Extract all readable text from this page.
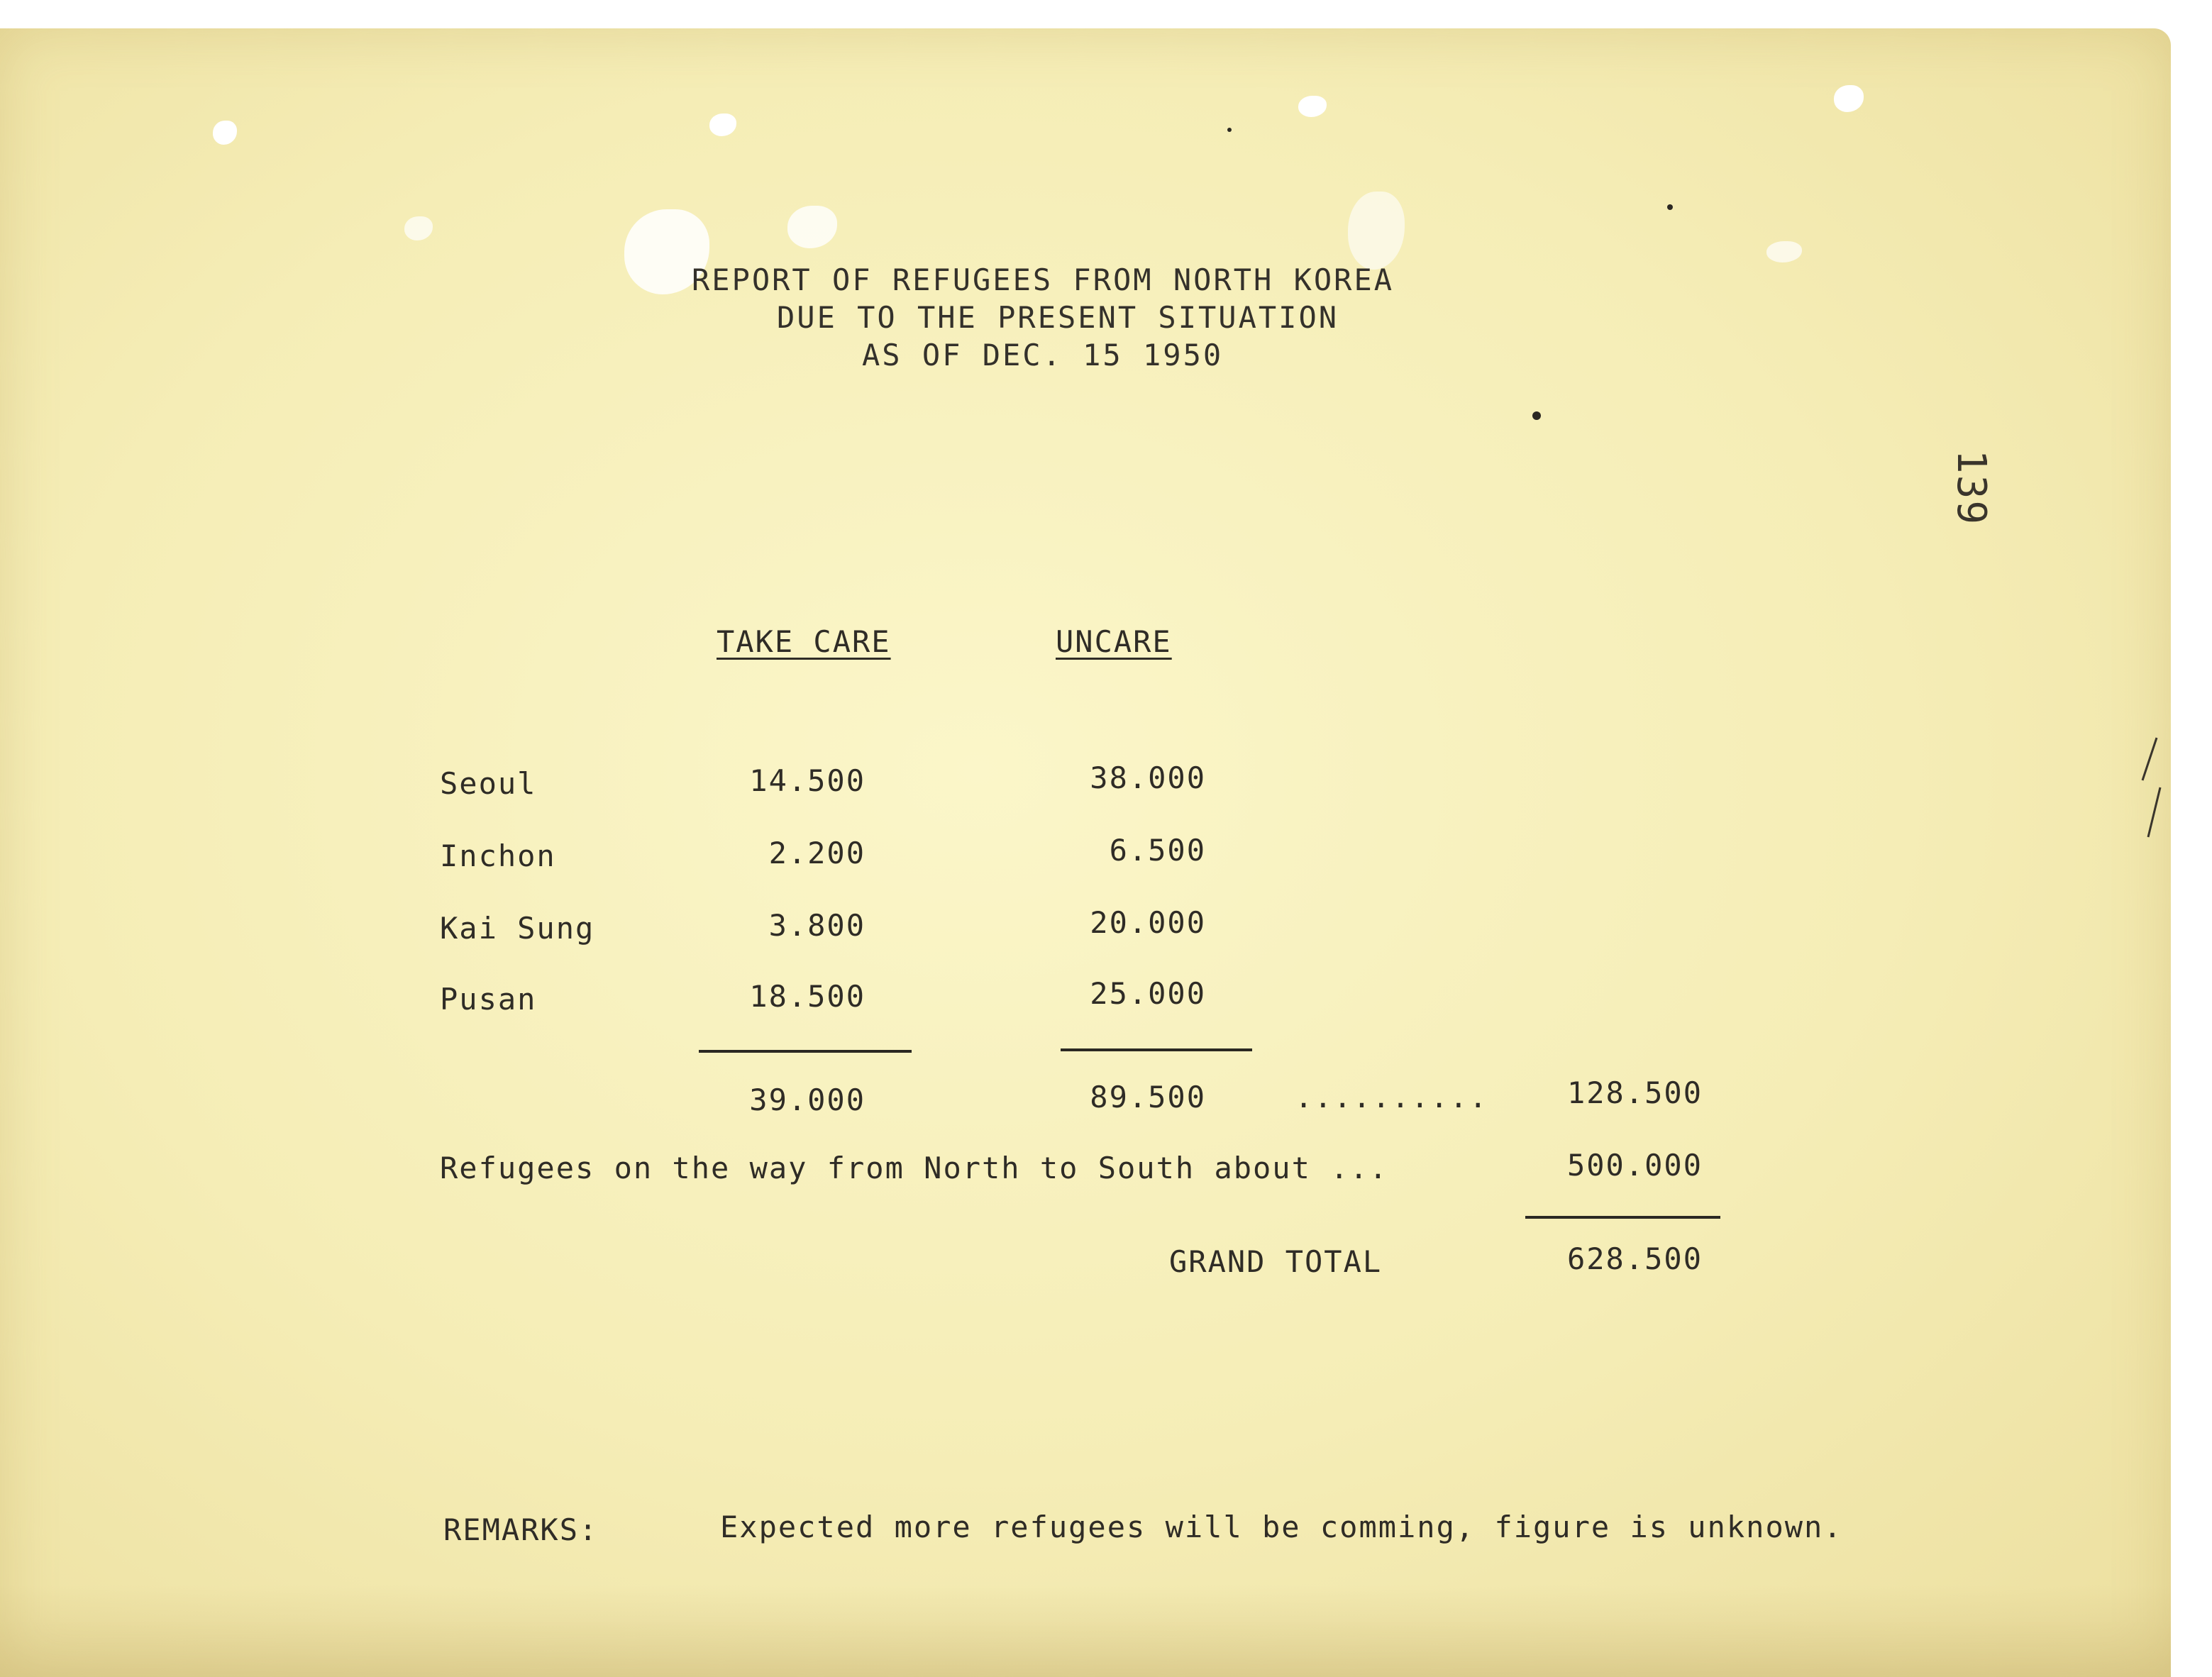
REPORT OF REFUGEES FROM NORTH KOREA
DUE TO THE PRESENT SITUATION
AS OF DEC. 15 1950
139
TAKE CARE	UNCARE
Seoul	14.500	38.000
Inchon	2.200	6.500
Kai Sung	3.800	20.000
Pusan	18.500	25.000
39.000	89.500	..........	128.500
Refugees on the way from North to South about ...	500.000
GRAND TOTAL	628.500
REMARKS:	Expected more refugees will be comming, figure is unknown.
